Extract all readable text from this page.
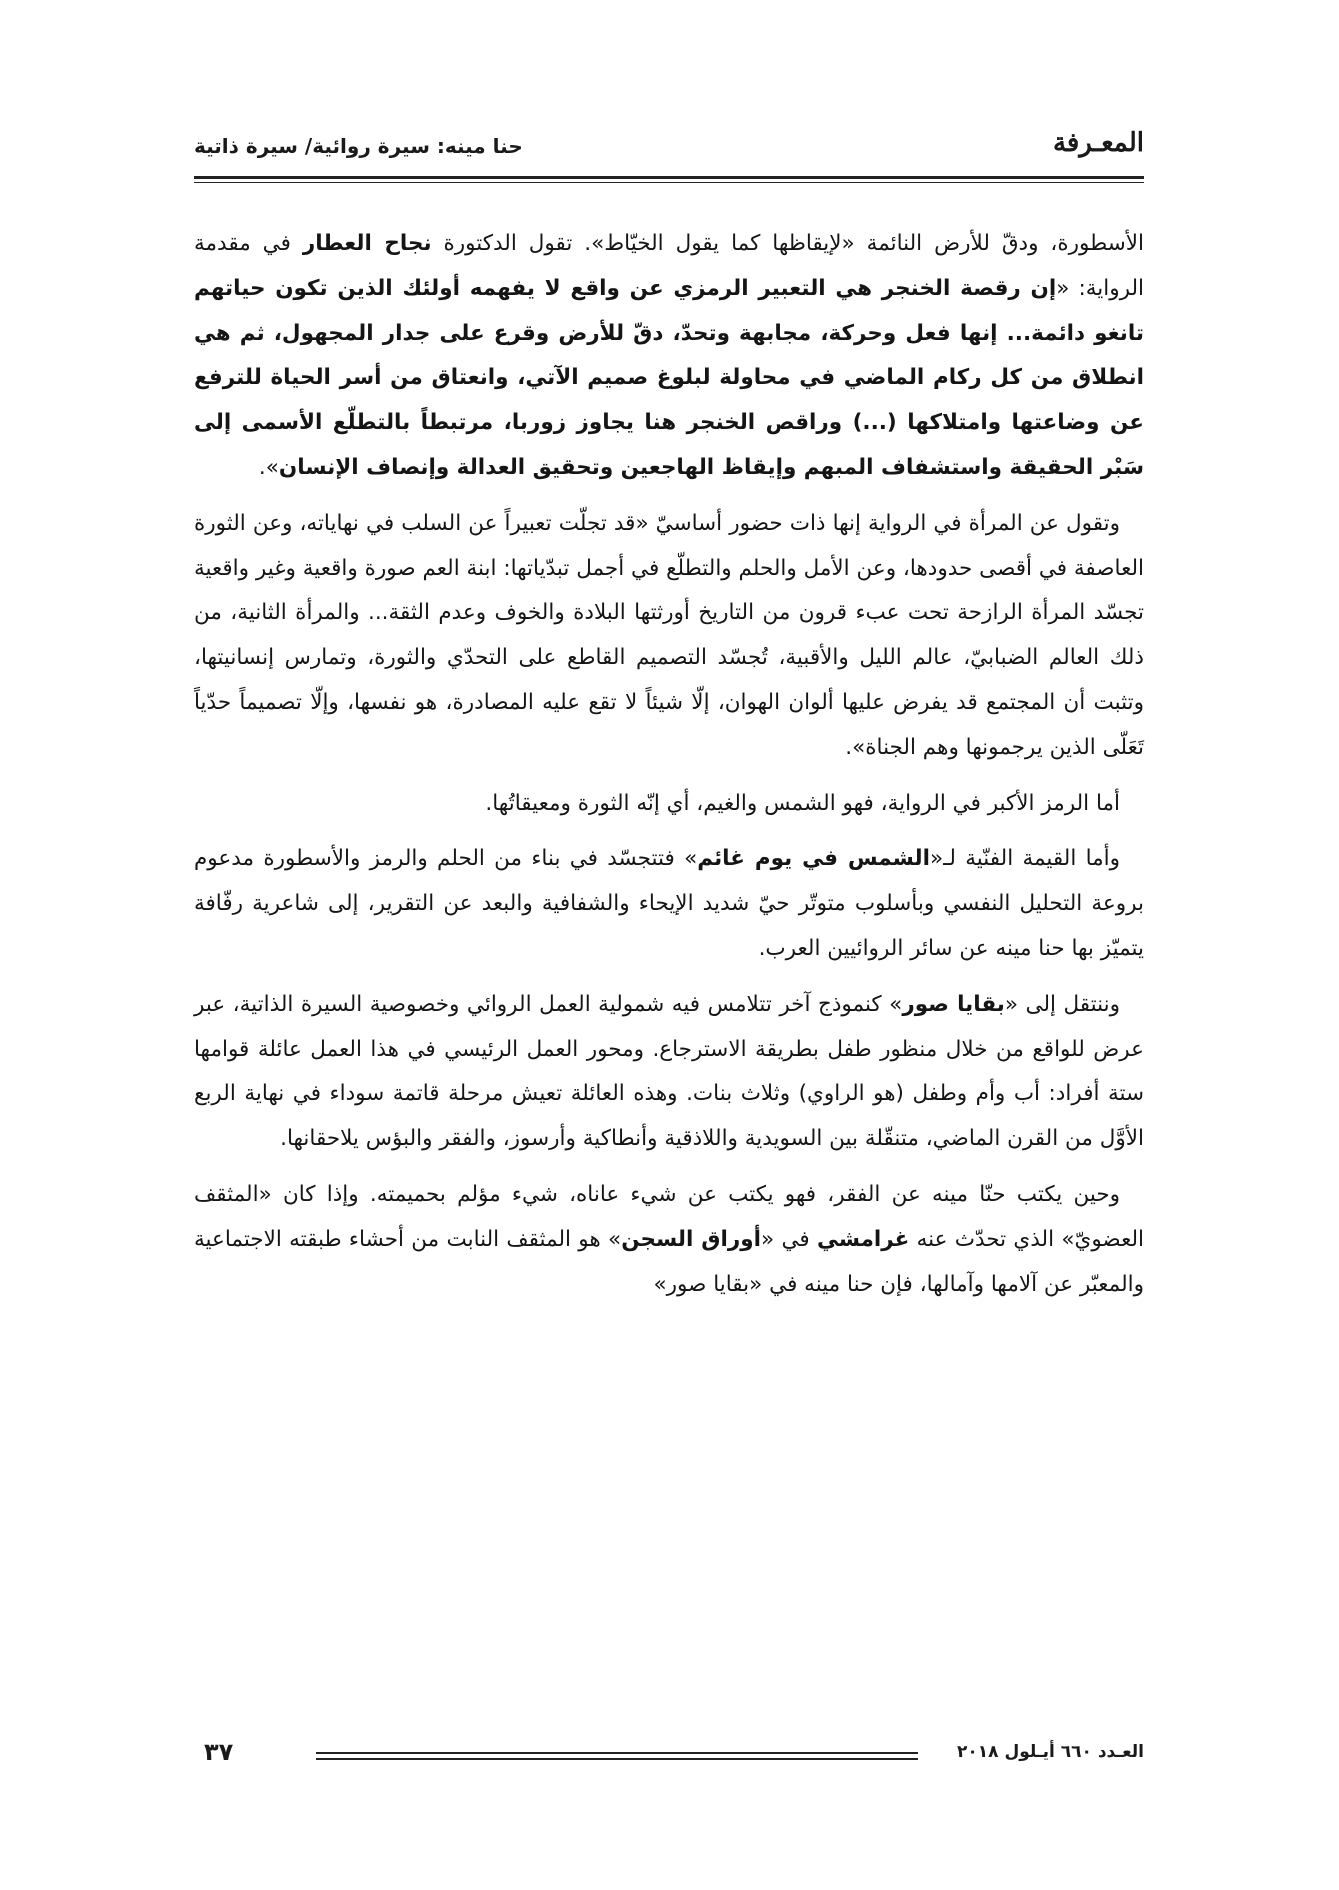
المعـرفة
حنا مينه: سيرة روائية/ سيرة ذاتية

الأسطورة، ودقّ للأرض النائمة «لإيقاظها كما يقول الخيّاط». تقول الدكتورة نجاح العطار في مقدمة الرواية: «إن رقصة الخنجر هي التعبير الرمزي عن واقع لا يفهمه أولئك الذين تكون حياتهم تانغو دائمة... إنها فعل وحركة، مجابهة وتحدّ، دقّ للأرض وقرع على جدار المجهول، ثم هي انطلاق من كل ركام الماضي في محاولة لبلوغ صميم الآتي، وانعتاق من أسر الحياة للترفع عن وضاعتها وامتلاكها (...) وراقص الخنجر هنا يجاوز زوربا، مرتبطاً بالتطلّع الأسمى إلى سَبْر الحقيقة واستشفاف المبهم وإيقاظ الهاجعين وتحقيق العدالة وإنصاف الإنسان».

وتقول عن المرأة في الرواية إنها ذات حضور أساسيّ «قد تجلّت تعبيراً عن السلب في نهاياته، وعن الثورة العاصفة في أقصى حدودها، وعن الأمل والحلم والتطلّع في أجمل تبدّياتها: ابنة العم صورة واقعية وغير واقعية تجسّد المرأة الرازحة تحت عبء قرون من التاريخ أورثتها البلادة والخوف وعدم الثقة... والمرأة الثانية، من ذلك العالم الضبابيّ، عالم الليل والأقبية، تُجسّد التصميم القاطع على التحدّي والثورة، وتمارس إنسانيتها، وتثبت أن المجتمع قد يفرض عليها ألوان الهوان، إلّا شيئاً لا تقع عليه المصادرة، هو نفسها، وإلّا تصميماً حدّياً تَعَلّى الذين يرجمونها وهم الجناة».

أما الرمز الأكبر في الرواية، فهو الشمس والغيم، أي إنّه الثورة ومعيقاتُها.

وأما القيمة الفنّية لـ«الشمس في يوم غائم» فتتجسّد في بناء من الحلم والرمز والأسطورة مدعوم بروعة التحليل النفسي وبأسلوب متوتّر حيّ شديد الإيحاء والشفافية والبعد عن التقرير، إلى شاعرية رفّافة يتميّز بها حنا مينه عن سائر الروائيين العرب.

وننتقل إلى «بقايا صور» كنموذج آخر تتلامس فيه شمولية العمل الروائي وخصوصية السيرة الذاتية، عبر عرض للواقع من خلال منظور طفل بطريقة الاسترجاع. ومحور العمل الرئيسي في هذا العمل عائلة قوامها ستة أفراد: أب وأم وطفل (هو الراوي) وثلاث بنات. وهذه العائلة تعيش مرحلة قاتمة سوداء في نهاية الربع الأوَّل من القرن الماضي، متنقّلة بين السويدية واللاذقية وأنطاكية وأرسوز، والفقر والبؤس يلاحقانها.

وحين يكتب حنّا مينه عن الفقر، فهو يكتب عن شيء عاناه، شيء مؤلم بحميمته. وإذا كان «المثقف العضويّ» الذي تحدّث عنه غرامشي في «أوراق السجن» هو المثقف النابت من أحشاء طبقته الاجتماعية والمعبّر عن آلامها وآمالها، فإن حنا مينه في «بقايا صور»

العـدد ٦٦٠ أيـلول ٢٠١٨
٣٧
